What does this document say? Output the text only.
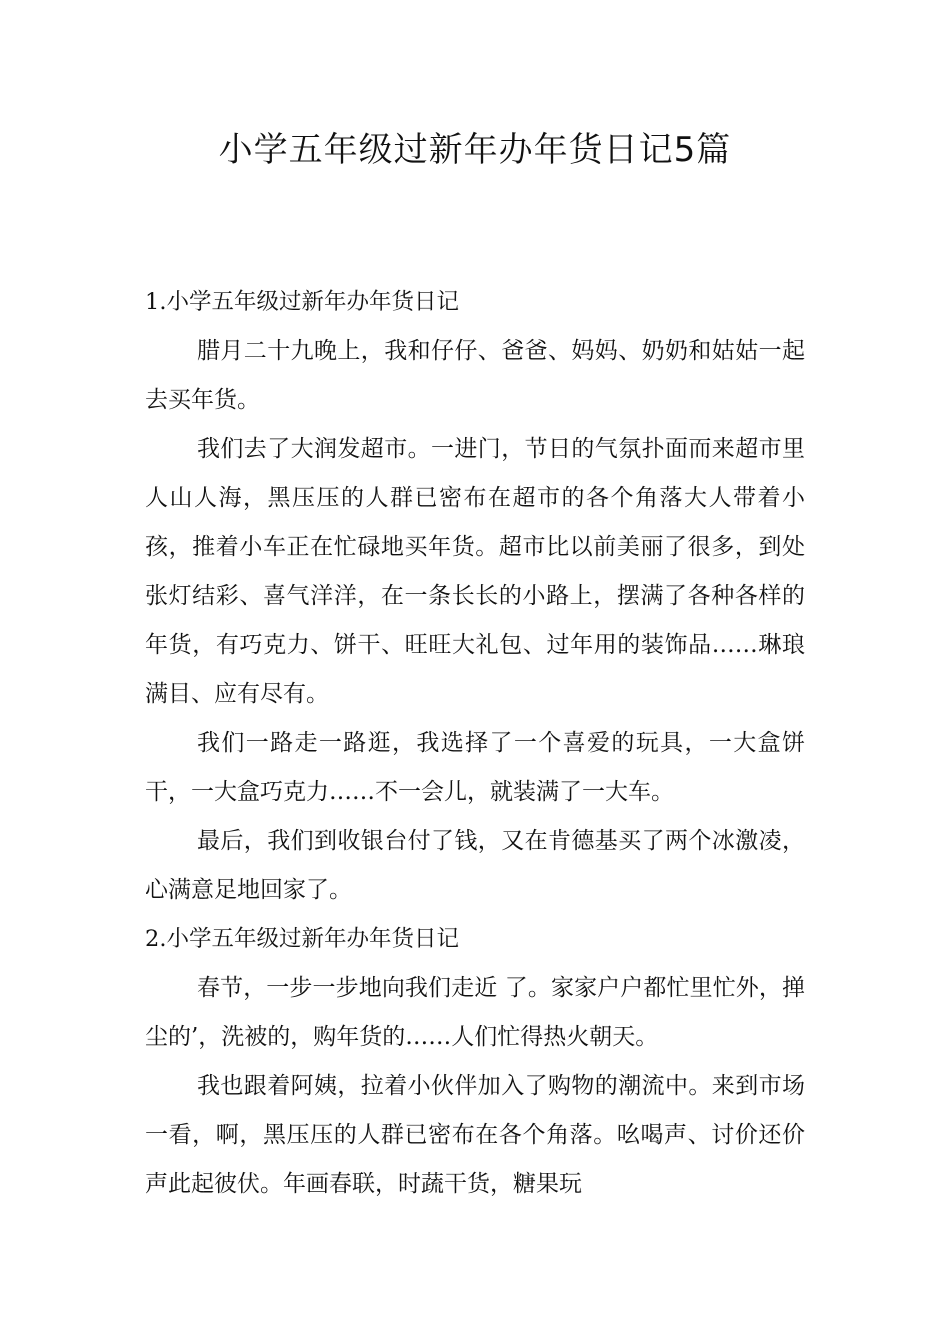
小学五年级过新年办年货日记5篇

1.小学五年级过新年办年货日记

腊月二十九晚上，我和仔仔、爸爸、妈妈、奶奶和姑姑一起去买年货。

我们去了大润发超市。一进门，节日的气氛扑面而来超市里人山人海，黑压压的人群已密布在超市的各个角落大人带着小孩，推着小车正在忙碌地买年货。超市比以前美丽了很多，到处张灯结彩、喜气洋洋，在一条长长的小路上，摆满了各种各样的年货，有巧克力、饼干、旺旺大礼包、过年用的装饰品……琳琅满目、应有尽有。

我们一路走一路逛，我选择了一个喜爱的玩具，一大盒饼干，一大盒巧克力……不一会儿，就装满了一大车。

最后，我们到收银台付了钱，又在肯德基买了两个冰激凌，心满意足地回家了。

2.小学五年级过新年办年货日记

春节，一步一步地向我们走近 了。家家户户都忙里忙外，掸尘的’，洗被的，购年货的……人们忙得热火朝天。

我也跟着阿姨，拉着小伙伴加入了购物的潮流中。来到市场一看，啊，黑压压的人群已密布在各个角落。吆喝声、讨价还价声此起彼伏。年画春联，时蔬干货，糖果玩
